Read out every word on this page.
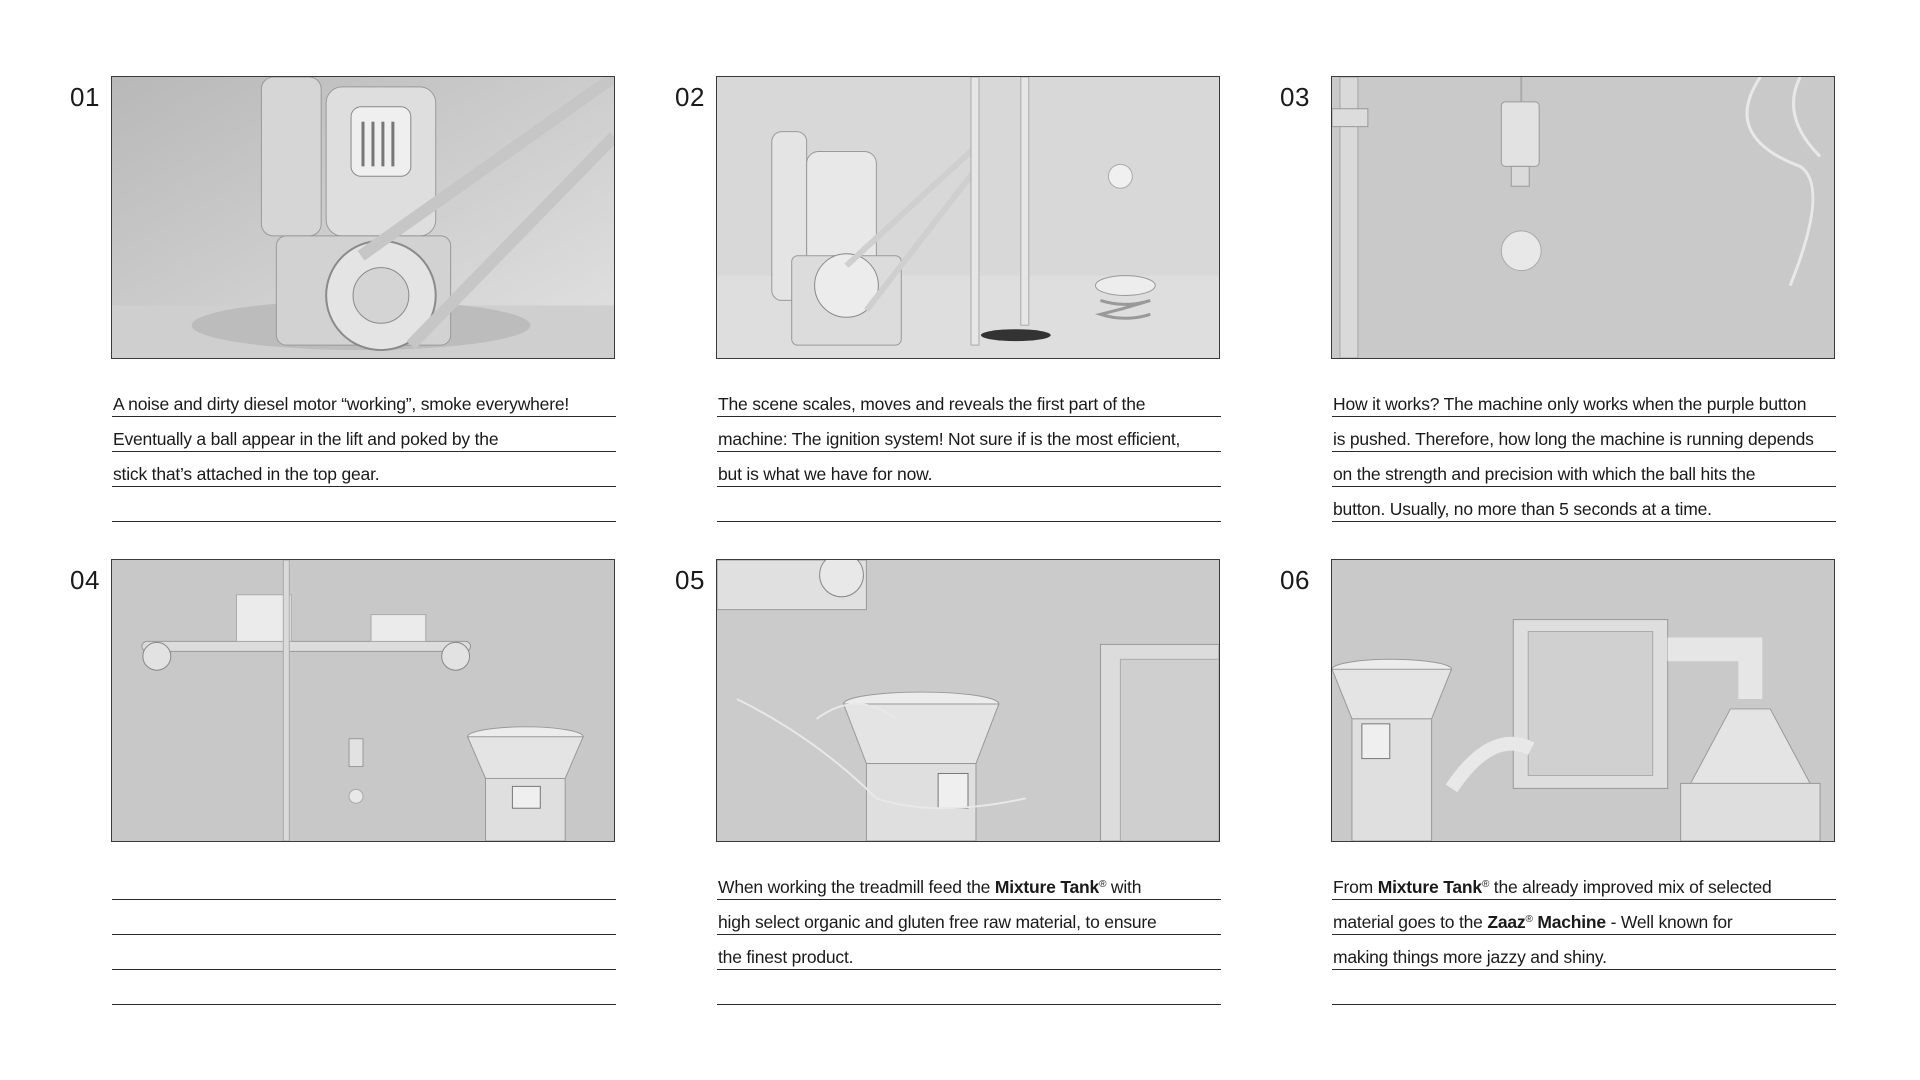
01
A noise and dirty diesel motor “working”, smoke everywhere!
Eventually a ball appear in the lift and poked by the
stick that’s attached in the top gear.
02
The scene scales, moves and reveals the first part of the
machine: The ignition system! Not sure if is the most efficient,
but is what we have for now.
03
How it works? The machine only works when the purple button
is pushed. Therefore, how long the machine is running depends
on the strength and precision with which the ball hits the
button. Usually, no more than 5 seconds at a time.
04	05
When working the treadmill feed the Mixture Tank® with
high select organic and gluten free raw material, to ensure
the finest product.
06
From Mixture Tank® the already improved mix of selected
material goes to the Zaaz® Machine - Well known for
making things more jazzy and shiny.
